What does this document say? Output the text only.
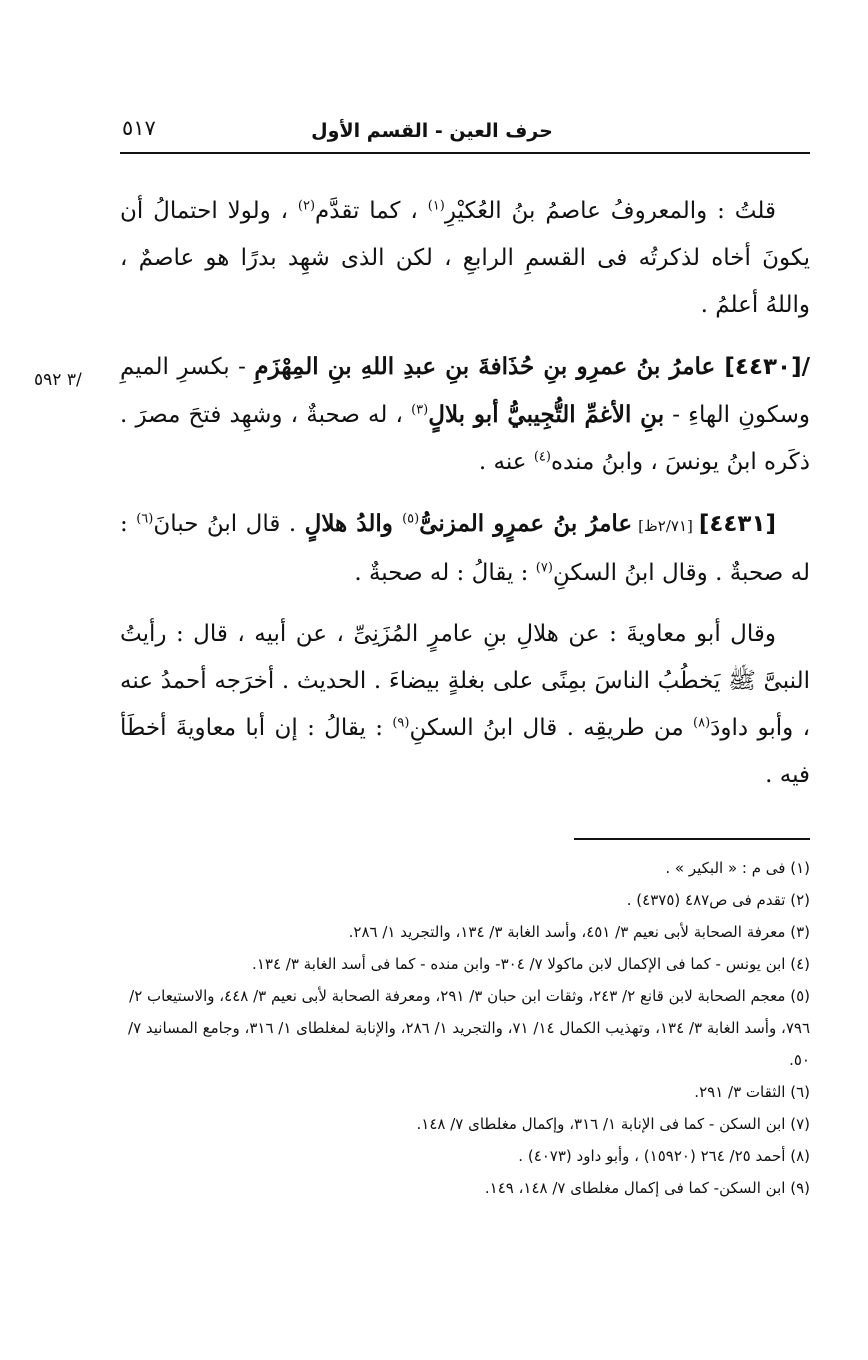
حرف العين - القسم الأول
٥١٧
/٣ ٥٩٢

قلتُ : والمعروفُ عاصمُ بنُ العُكيْرِ$^{(١)}$ ، كما تقدَّم$^{(٢)}$ ، ولولا احتمالُ أن يكونَ أخاه لذكرتُه فى القسمِ الرابعِ ، لكن الذى شهِد بدرًا هو عاصمٌ ، واللهُ أعلمُ .

/[٤٤٣٠] عامرُ بنُ عمرِو بنِ حُذَافةَ بنِ عبدِ اللهِ بنِ المِهْزَمِ - بكسرِ الميمِ وسكونِ الهاءِ - بنِ الأغمِّ التُّجِيبيُّ أبو بلالٍ$^{(٣)}$ ، له صحبةٌ ، وشهِد فتحَ مصرَ . ذكَره ابنُ يونسَ ، وابنُ منده$^{(٤)}$ عنه .

[٤٤٣١] [٢/٧١ظ] عامرُ بنُ عمرٍو المزنىُّ$^{(٥)}$ والدُ هلالٍ . قال ابنُ حبانَ$^{(٦)}$ : له صحبةٌ . وقال ابنُ السكنِ$^{(٧)}$ : يقالُ : له صحبةٌ .

وقال أبو معاويةَ : عن هلالِ بنِ عامرٍ المُزَنِىِّ ، عن أبيه ، قال : رأيتُ النبىَّ ﷺ يَخطُبُ الناسَ بمِنًى على بغلةٍ بيضاءَ . الحديث . أخرَجه أحمدُ عنه ، وأبو داودَ$^{(٨)}$ من طريقِه . قال ابنُ السكنِ$^{(٩)}$ : يقالُ : إن أبا معاويةَ أخطَأ فيه .

(١) فى م : « البكير » .

(٢) تقدم فى ص٤٨٧ (٤٣٧٥) .

(٣) معرفة الصحابة لأبى نعيم ٣/ ٤٥١، وأسد الغابة ٣/ ١٣٤، والتجريد ١/ ٢٨٦.

(٤) ابن يونس - كما فى الإكمال لابن ماكولا ٧/ ٣٠٤- وابن منده - كما فى أسد الغابة ٣/ ١٣٤.

(٥) معجم الصحابة لابن قانع ٢/ ٢٤٣، وثقات ابن حبان ٣/ ٢٩١، ومعرفة الصحابة لأبى نعيم ٣/ ٤٤٨، والاستيعاب ٢/ ٧٩٦، وأسد الغابة ٣/ ١٣٤، وتهذيب الكمال ١٤/ ٧١، والتجريد ١/ ٢٨٦، والإنابة لمغلطاى ١/ ٣١٦، وجامع المسانيد ٧/ ٥٠.

(٦) الثقات ٣/ ٢٩١.

(٧) ابن السكن - كما فى الإنابة ١/ ٣١٦، وإكمال مغلطاى ٧/ ١٤٨.

(٨) أحمد ٢٥/ ٢٦٤ (١٥٩٢٠) ، وأبو داود (٤٠٧٣) .

(٩) ابن السكن- كما فى إكمال مغلطاى ٧/ ١٤٨، ١٤٩.
